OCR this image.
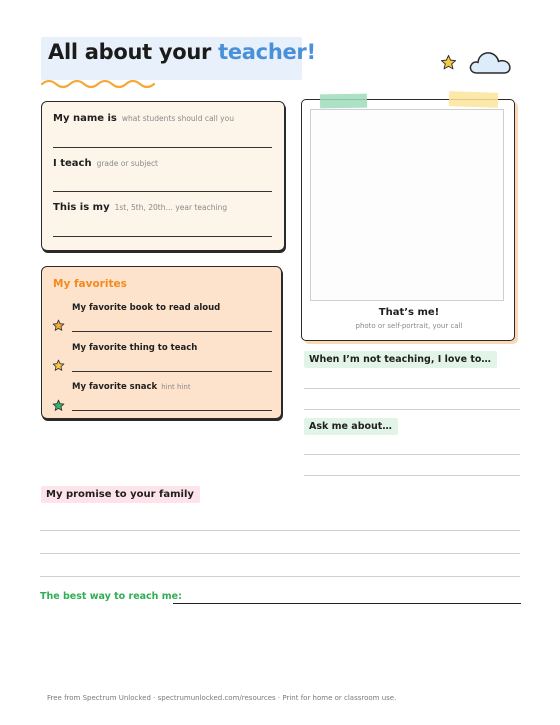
All about your teacher!
My name is what students should call you
I teach grade or subject
This is my 1st, 5th, 20th… year teaching
My favorites
My favorite book to read aloud
My favorite thing to teach
My favorite snack hint hint
That’s me!
photo or self-portrait, your call
When I’m not teaching, I love to…
Ask me about…
My promise to your family
The best way to reach me:
Free from Spectrum Unlocked · spectrumunlocked.com/resources · Print for home or classroom use.
